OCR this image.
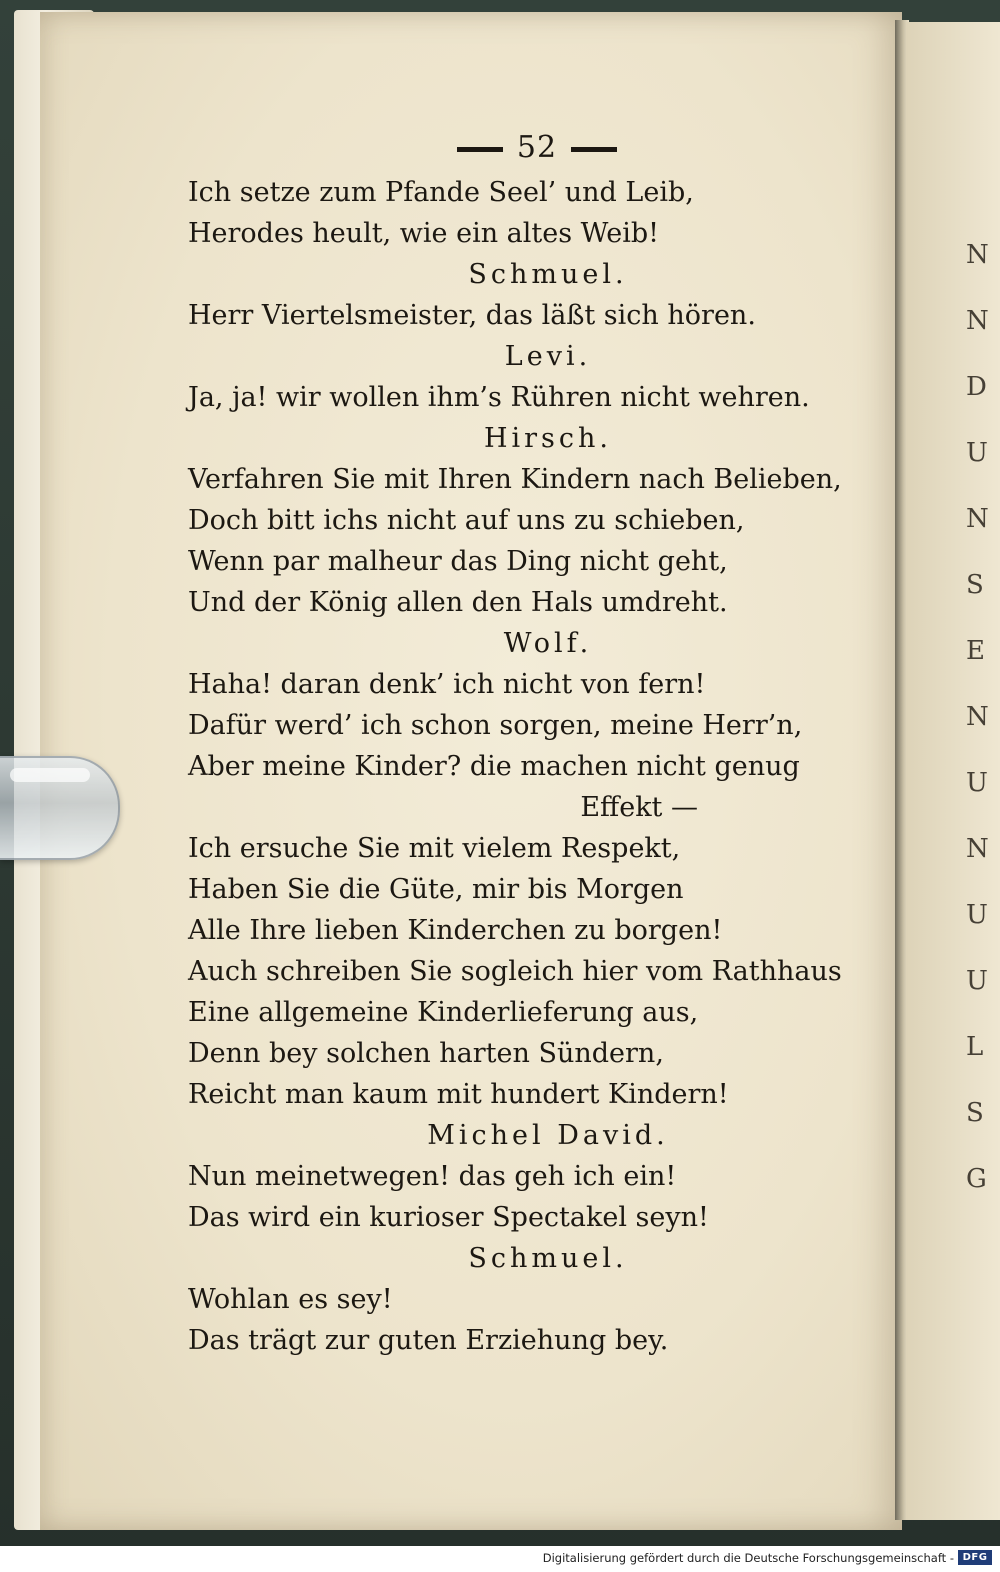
N
N
D
U
N
S
E
N
U
N
U
U
L
S
G
52
Ich setze zum Pfande Seel’ und Leib,
Herodes heult, wie ein altes Weib!
Schmuel.
Herr Viertelsmeister, das läßt sich hören.
Levi.
Ja, ja! wir wollen ihm’s Rühren nicht wehren.
Hirsch.
Verfahren Sie mit Ihren Kindern nach Belieben,
Doch bitt ichs nicht auf uns zu schieben,
Wenn par malheur das Ding nicht geht,
Und der König allen den Hals umdreht.
Wolf.
Haha! daran denk’ ich nicht von fern!
Dafür werd’ ich schon sorgen, meine Herr’n,
Aber meine Kinder? die machen nicht genug
Effekt —
Ich ersuche Sie mit vielem Respekt,
Haben Sie die Güte, mir bis Morgen
Alle Ihre lieben Kinderchen zu borgen!
Auch schreiben Sie sogleich hier vom Rathhaus
Eine allgemeine Kinderlieferung aus,
Denn bey solchen harten Sündern,
Reicht man kaum mit hundert Kindern!
Michel David.
Nun meinetwegen! das geh ich ein!
Das wird ein kurioser Spectakel seyn!
Schmuel.
Wohlan es sey!
Das trägt zur guten Erziehung bey.
Digitalisierung gefördert durch die Deutsche Forschungsgemeinschaft - DFG
